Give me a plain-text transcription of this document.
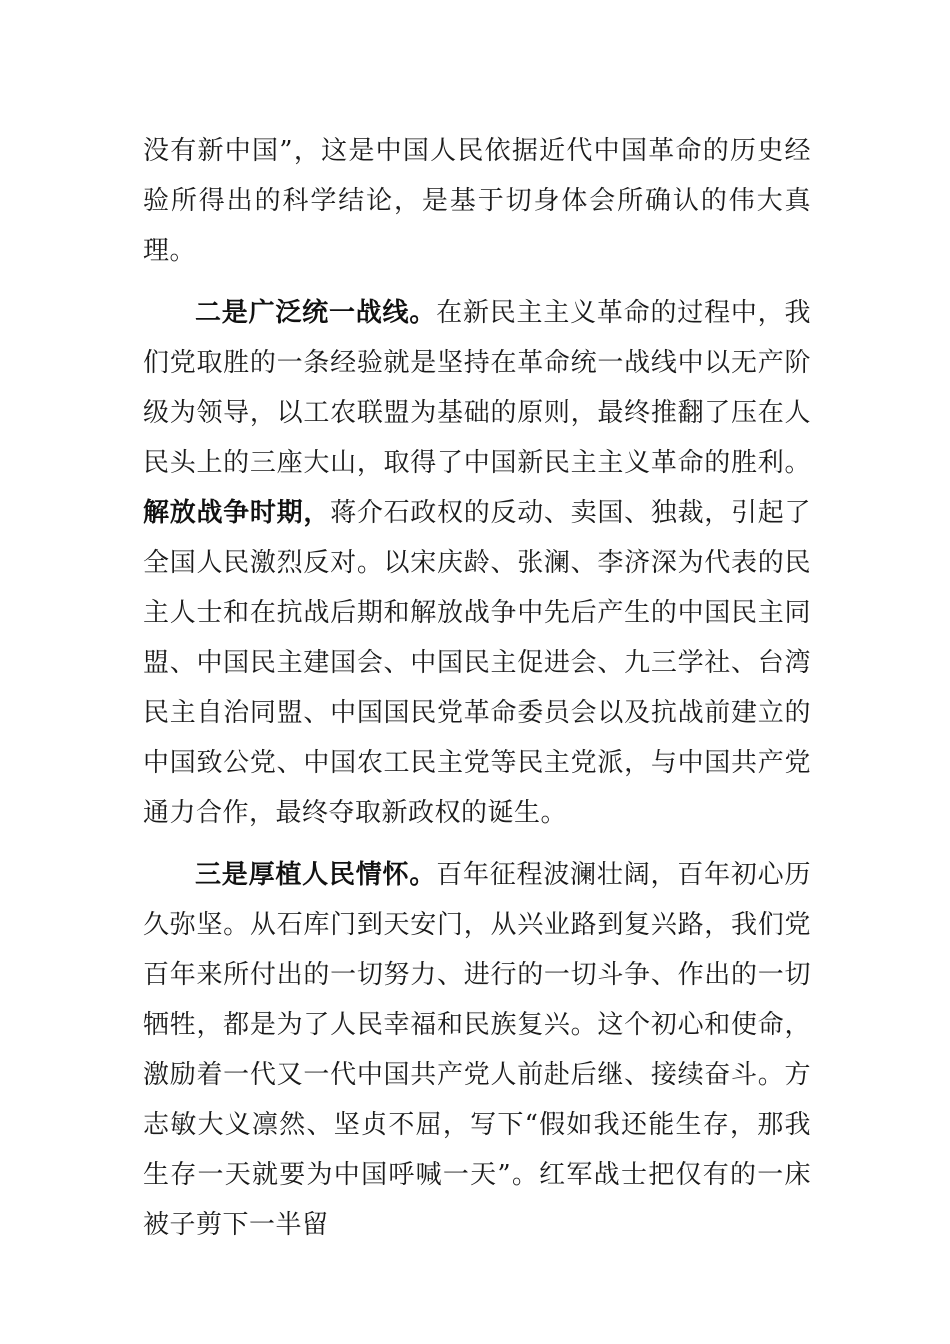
没有新中国”，这是中国人民依据近代中国革命的历史经验所得出的科学结论，是基于切身体会所确认的伟大真理。

二是广泛统一战线。在新民主主义革命的过程中，我们党取胜的一条经验就是坚持在革命统一战线中以无产阶级为领导，以工农联盟为基础的原则，最终推翻了压在人民头上的三座大山，取得了中国新民主主义革命的胜利。解放战争时期，蒋介石政权的反动、卖国、独裁，引起了全国人民激烈反对。以宋庆龄、张澜、李济深为代表的民主人士和在抗战后期和解放战争中先后产生的中国民主同盟、中国民主建国会、中国民主促进会、九三学社、台湾民主自治同盟、中国国民党革命委员会以及抗战前建立的中国致公党、中国农工民主党等民主党派，与中国共产党通力合作，最终夺取新政权的诞生。

三是厚植人民情怀。百年征程波澜壮阔，百年初心历久弥坚。从石库门到天安门，从兴业路到复兴路，我们党百年来所付出的一切努力、进行的一切斗争、作出的一切牺牲，都是为了人民幸福和民族复兴。这个初心和使命，激励着一代又一代中国共产党人前赴后继、接续奋斗。方志敏大义凛然、坚贞不屈，写下“假如我还能生存，那我生存一天就要为中国呼喊一天”。红军战士把仅有的一床被子剪下一半留
